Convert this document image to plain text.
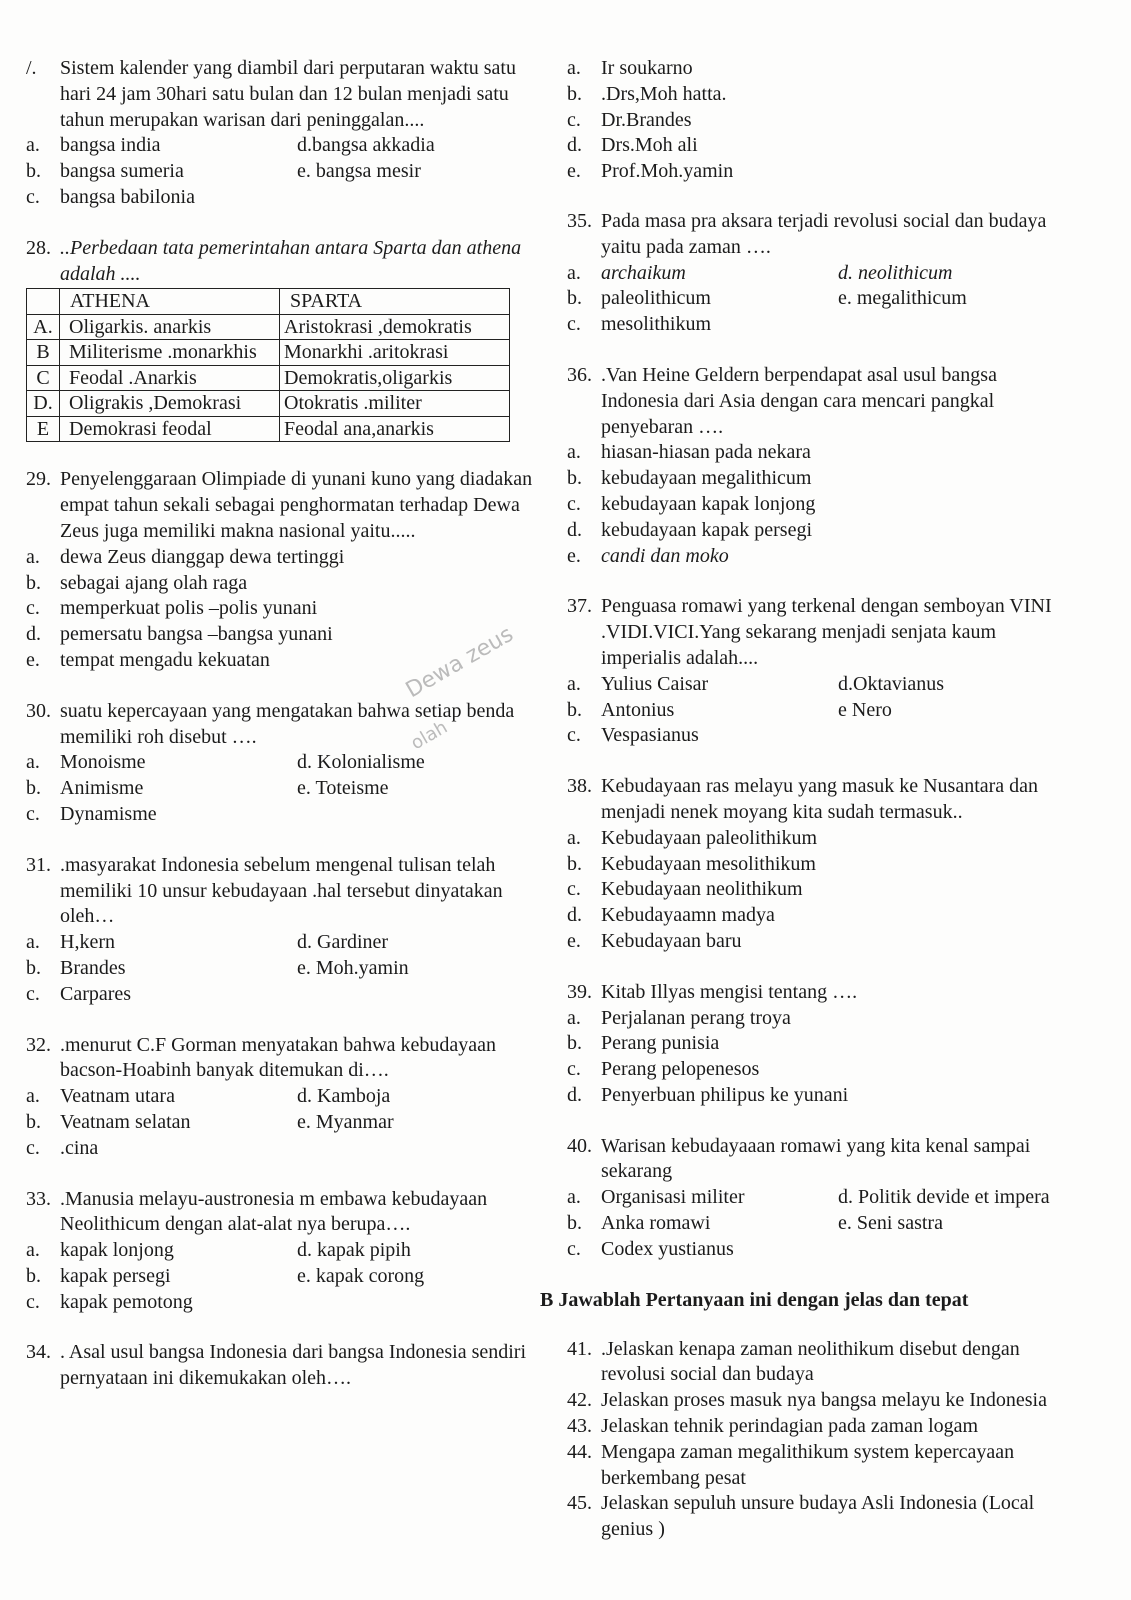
/.	Sistem kalender yang diambil dari perputaran waktu satu hari 24 jam 30hari satu bulan dan 12 bulan menjadi satu tahun merupakan warisan dari peninggalan....
a.	bangsa india	d.bangsa akkadia
b. bangsa sumeria	e. bangsa mesir
c.	bangsa babilonia
28. ..Perbedaan tata pemerintahan antara Sparta dan athena adalah ....
	ATHENA	SPARTA
A.	Oligarkis. anarkis	Aristokrasi ,demokratis
B	Militerisme .monarkhis	Monarkhi .aritokrasi
C	Feodal .Anarkis	Demokratis,oligarkis
D.	Oligrakis ,Demokrasi	Otokratis .militer
E	Demokrasi feodal	Feodal ana,anarkis
29. Penyelenggaraan Olimpiade di yunani kuno yang diadakan empat tahun sekali sebagai penghormatan terhadap Dewa Zeus juga memiliki makna nasional yaitu.....
a.	dewa Zeus dianggap dewa tertinggi
b. sebagai ajang olah raga
c.	memperkuat polis –polis yunani
d. pemersatu bangsa –bangsa yunani
e.	tempat mengadu kekuatan
30. suatu kepercayaan yang mengatakan bahwa setiap benda memiliki roh disebut ….
a.	Monoisme	d. Kolonialisme
b. Animisme	e. Toteisme
c.	Dynamisme
31. .masyarakat Indonesia sebelum mengenal tulisan telah memiliki 10 unsur kebudayaan .hal tersebut dinyatakan oleh…
a.	H,kern	d. Gardiner
b. Brandes	e. Moh.yamin
c.	Carpares
32. .menurut C.F Gorman menyatakan bahwa kebudayaan bacson-Hoabinh banyak ditemukan di….
a.	Veatnam utara	d. Kamboja
b. Veatnam selatan	e. Myanmar
c.	.cina
33. .Manusia melayu-austronesia m embawa kebudayaan Neolithicum dengan alat-alat nya berupa….
a.	kapak lonjong	d. kapak pipih
b. kapak persegi	e. kapak corong
c.	kapak pemotong
34. . Asal usul bangsa Indonesia dari bangsa Indonesia sendiri pernyataan ini dikemukakan oleh….
a.	Ir soukarno
b. .Drs,Moh hatta.
c.	Dr.Brandes
d. Drs.Moh ali
e.	Prof.Moh.yamin
35. Pada masa pra aksara terjadi revolusi social dan budaya yaitu pada zaman ….
a.	archaikum	d. neolithicum
b. paleolithicum	e. megalithicum
c.	mesolithikum
36. .Van Heine Geldern berpendapat asal usul bangsa Indonesia dari Asia dengan cara mencari pangkal penyebaran ….
a.	hiasan-hiasan pada nekara
b. kebudayaan megalithicum
c.	kebudayaan kapak lonjong
d. kebudayaan kapak persegi
e.	candi dan moko
37. Penguasa romawi yang terkenal dengan semboyan VINI .VIDI.VICI.Yang sekarang menjadi senjata kaum imperialis adalah....
a.	Yulius Caisar	d.Oktavianus
b. Antonius	e Nero
c.	Vespasianus
38. Kebudayaan ras melayu yang masuk ke Nusantara dan menjadi nenek moyang kita sudah termasuk..
a.	Kebudayaan paleolithikum
b. Kebudayaan mesolithikum
c.	Kebudayaan neolithikum
d. Kebudayaamn madya
e.	Kebudayaan baru
39. Kitab Illyas mengisi tentang ….
a.	Perjalanan perang troya
b. Perang punisia
c.	Perang pelopenesos
d. Penyerbuan philipus ke yunani
40. Warisan kebudayaaan romawi yang kita kenal sampai sekarang
a.	Organisasi militer	d. Politik devide et impera
b. Anka romawi	e. Seni sastra
c.	Codex yustianus
B Jawablah Pertanyaan ini dengan jelas dan tepat
41. .Jelaskan kenapa zaman neolithikum disebut dengan revolusi social dan budaya
42. Jelaskan proses masuk nya bangsa melayu ke Indonesia
43. Jelaskan tehnik perindagian pada zaman logam
44. Mengapa zaman megalithikum system kepercayaan berkembang pesat
45. Jelaskan sepuluh unsure budaya Asli Indonesia (Local genius )
Dewa zeus
olah
